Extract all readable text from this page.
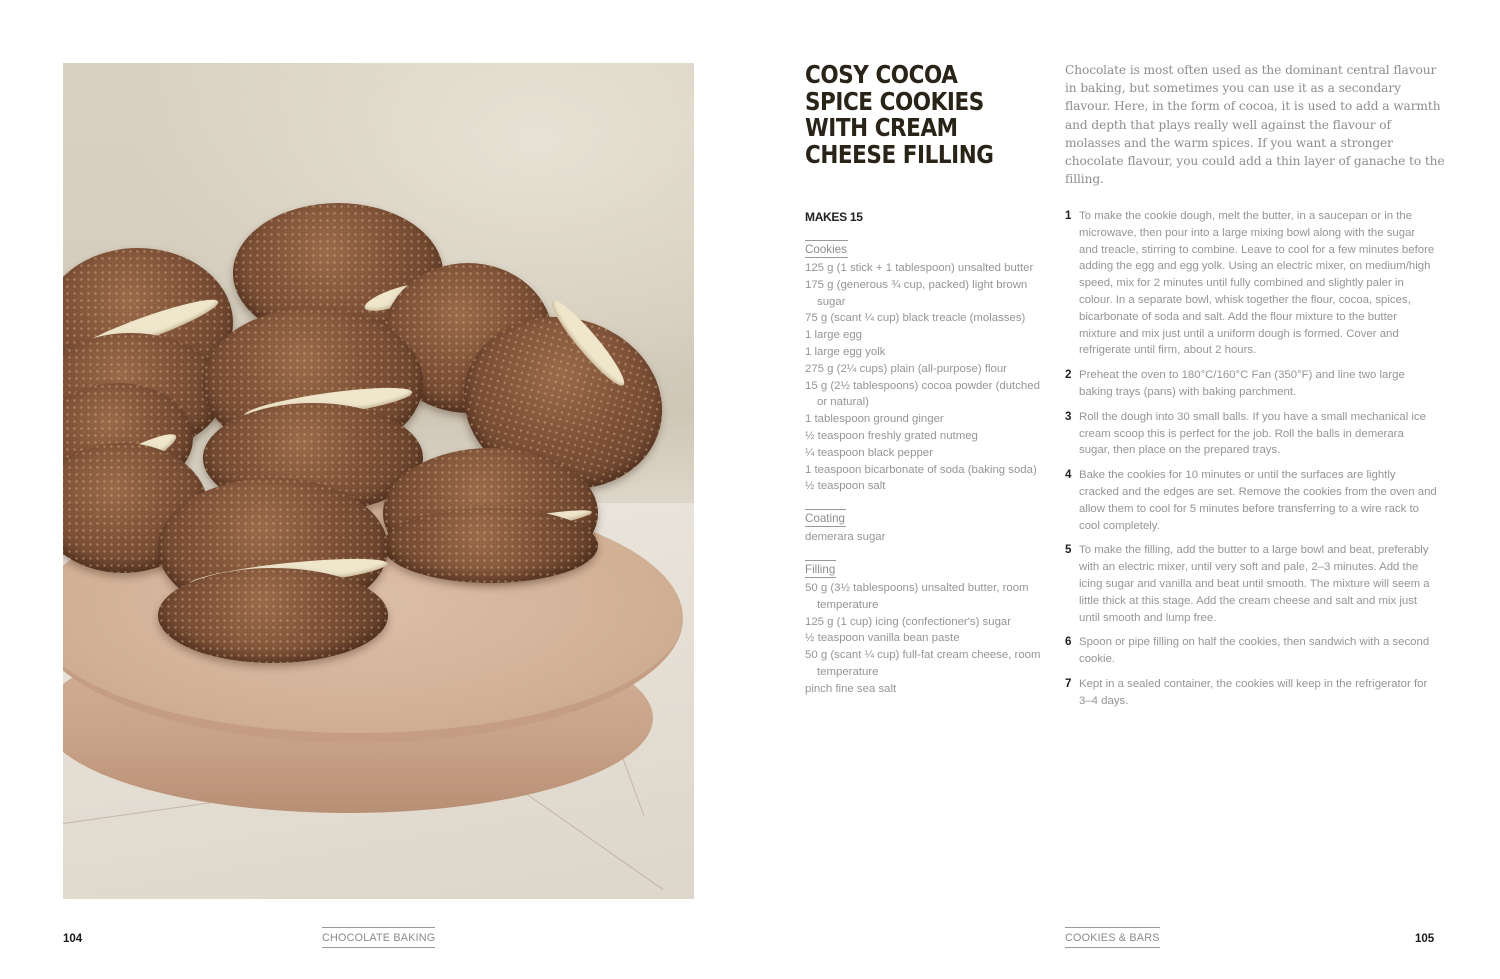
104	CHOCOLATE BAKING
COSY COCOA SPICE COOKIES WITH CREAM CHEESE FILLING

Chocolate is most often used as the dominant central flavour in baking, but sometimes you can use it as a secondary flavour. Here, in the form of cocoa, it is used to add a warmth and depth that plays really well against the flavour of molasses and the warm spices. If you want a stronger chocolate flavour, you could add a thin layer of ganache to the filling.

MAKES 15
Cookies
125 g (1 stick + 1 tablespoon) unsalted butter
175 g (generous ¾ cup, packed) light brown sugar
75 g (scant ¼ cup) black treacle (molasses)
1 large egg
1 large egg yolk
275 g (2¼ cups) plain (all-purpose) flour
15 g (2½ tablespoons) cocoa powder (dutched or natural)
1 tablespoon ground ginger
½ teaspoon freshly grated nutmeg
¼ teaspoon black pepper
1 teaspoon bicarbonate of soda (baking soda)
½ teaspoon salt
Coating
demerara sugar
Filling
50 g (3½ tablespoons) unsalted butter, room temperature
125 g (1 cup) icing (confectioner's) sugar
½ teaspoon vanilla bean paste
50 g (scant ¼ cup) full-fat cream cheese, room temperature
pinch fine sea salt
1 To make the cookie dough, melt the butter, in a saucepan or in the microwave, then pour into a large mixing bowl along with the sugar and treacle, stirring to combine. Leave to cool for a few minutes before adding the egg and egg yolk. Using an electric mixer, on medium/high speed, mix for 2 minutes until fully combined and slightly paler in colour. In a separate bowl, whisk together the flour, cocoa, spices, bicarbonate of soda and salt. Add the flour mixture to the butter mixture and mix just until a uniform dough is formed. Cover and refrigerate until firm, about 2 hours.
2 Preheat the oven to 180°C/160°C Fan (350°F) and line two large baking trays (pans) with baking parchment.
3 Roll the dough into 30 small balls. If you have a small mechanical ice cream scoop this is perfect for the job. Roll the balls in demerara sugar, then place on the prepared trays.
4 Bake the cookies for 10 minutes or until the surfaces are lightly cracked and the edges are set. Remove the cookies from the oven and allow them to cool for 5 minutes before transferring to a wire rack to cool completely.
5 To make the filling, add the butter to a large bowl and beat, preferably with an electric mixer, until very soft and pale, 2–3 minutes. Add the icing sugar and vanilla and beat until smooth. The mixture will seem a little thick at this stage. Add the cream cheese and salt and mix just until smooth and lump free.
6 Spoon or pipe filling on half the cookies, then sandwich with a second cookie.
7 Kept in a sealed container, the cookies will keep in the refrigerator for 3–4 days.
COOKIES & BARS	105
